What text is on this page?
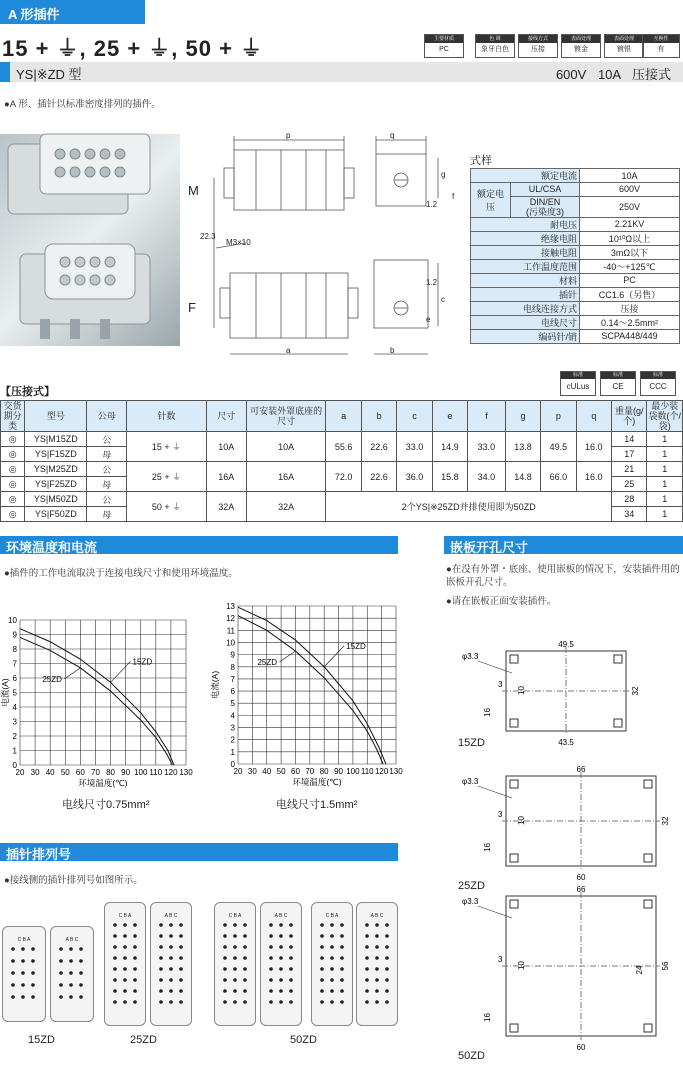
A 形插件
15 + ⏚, 25 + ⏚, 50 + ⏚	主要材质
PC
色 调
象牙白色
接线方式
压接
表面处理
镀金
表面处理
镀银
互换性
有
YS|※ZD 型	600V 10A 压接式
●A 形、插针以标准密度排列的插件。
M
F
M3×10
p	q
a	b
g
1.2
c
1.2
e
f
22.3
式样
额定电流		10A
额定电压	UL/CSA	600V
	DIN/EN
(污染度3)	250V
耐电压		2.21KV
绝缘电阻		10¹⁰Ω以上
接触电阻		3mΩ以下
工作温度范围		-40～+125℃
材料		PC
插针		CC1.6（另售）
电线连接方式		压接
电线尺寸		0.14～2.5mm²
编码针/销		SCPA448/449
【压接式】
标准
cULus
标准
CE
标准
CCC
交货期分类	型号	公母	针数	尺寸	可安装外罩底座的尺寸	a	b	c	e	f	g	p	q	重量(g/个)	最少装袋数(个/袋)
◎	YS|M15ZD	公	15 + ⏚	10A	10A	55.6	22.6	33.0	14.9	33.0	13.8	49.5	16.0	14	1
◎	YS|F15ZD	母												17	1
◎	YS|M25ZD	公	25 + ⏚	16A	16A	72.0	22.6	36.0	15.8	34.0	14.8	66.0	16.0	21	1
◎	YS|F25ZD	母												25	1
◎	YS|M50ZD	公	50 + ⏚	32A	32A	2个YS|※25ZD并排使用即为50ZD								28	1
◎	YS|F50ZD	母												34	1
环境温度和电流
●插件的工作电流取决于连接电线尺寸和使用环境温度。
20 30 40 50 60 70 80 90 100 110 120 130
0
1
2
3
4
5
6
7
8
9
10
环境温度(℃)
电流(A)
15ZD
25ZD
20 30 40 50 60 70 80 90 100 110 120 130
0
1
2
3
4
5
6
7
8
9
10
11
12
13
环境温度(℃)
电流(A)
15ZD
25ZD
电线尺寸0.75mm²	电线尺寸1.5mm²
嵌板开孔尺寸
●在没有外罩・底座、使用嵌板的情况下，安装插件用的嵌板开孔尺寸。
●请在嵌板正面安装插件。
49.5
43.5
32
φ3.3
16
10
3
15ZD
66
60
32
φ3.3
16
10
3
25ZD	66
60
56
24
φ3.3
16
10
3
50ZD
插针排列号
●接线侧的插针排列号如图所示。
C B A	A B C
C B A	A B C	C B A	A B C	C B A	A B C
15ZD	25ZD	50ZD
